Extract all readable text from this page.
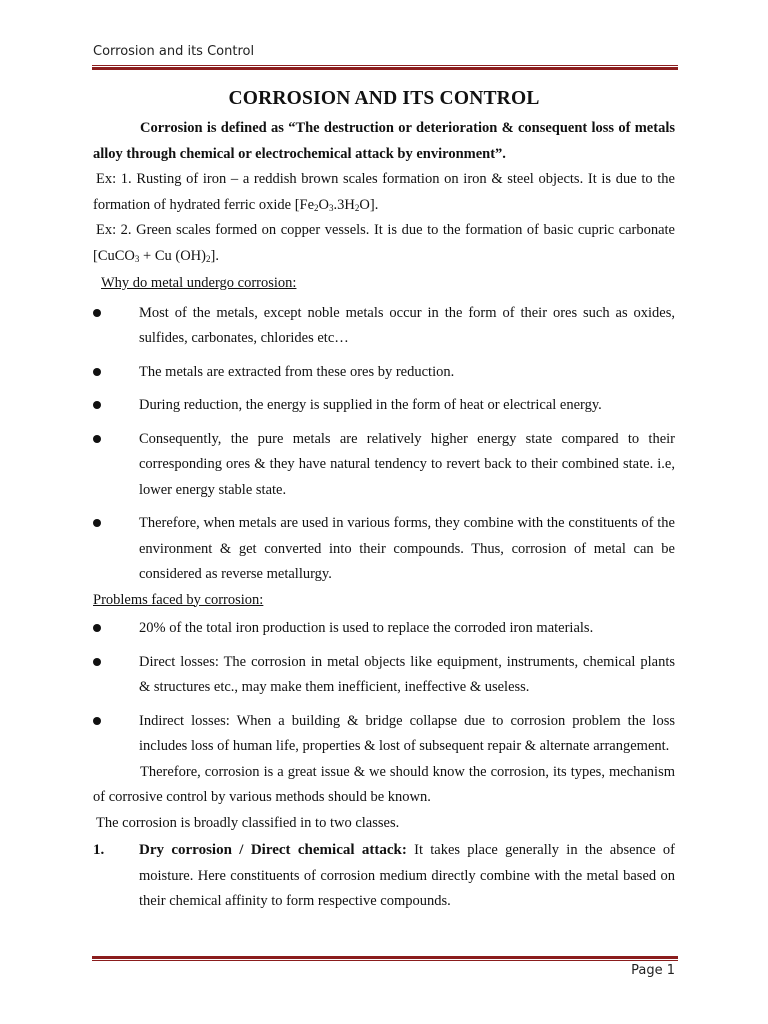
Corrosion and its Control
CORROSION AND ITS CONTROL

Corrosion is defined as “The destruction or deterioration & consequent loss of metals alloy through chemical or electrochemical attack by environment”.

Ex: 1. Rusting of iron – a reddish brown scales formation on iron & steel objects. It is due to the formation of hydrated ferric oxide $[Fe_2O_3.3H_2O]$.

Ex: 2. Green scales formed on copper vessels. It is due to the formation of basic cupric carbonate [CuCO$_3$ + Cu $(OH)_2$].

Why do metal undergo corrosion:

Most of the metals, except noble metals occur in the form of their ores such as oxides, sulfides, carbonates, chlorides etc…
The metals are extracted from these ores by reduction.
During reduction, the energy is supplied in the form of heat or electrical energy.
Consequently, the pure metals are relatively higher energy state compared to their corresponding ores & they have natural tendency to revert back to their combined state. i.e, lower energy stable state.
Therefore, when metals are used in various forms, they combine with the constituents of the environment & get converted into their compounds. Thus, corrosion of metal can be considered as reverse metallurgy.

Problems faced by corrosion:

20% of the total iron production is used to replace the corroded iron materials.
Direct losses: The corrosion in metal objects like equipment, instruments, chemical plants & structures etc., may make them inefficient, ineffective & useless.
Indirect losses: When a building & bridge collapse due to corrosion problem the loss includes loss of human life, properties & lost of subsequent repair & alternate arrangement.

Therefore, corrosion is a great issue & we should know the corrosion, its types, mechanism of corrosive control by various methods should be known.

The corrosion is broadly classified in to two classes.

1. Dry corrosion / Direct chemical attack: It takes place generally in the absence of moisture. Here constituents of corrosion medium directly combine with the metal based on their chemical affinity to form respective compounds.
Page 1
